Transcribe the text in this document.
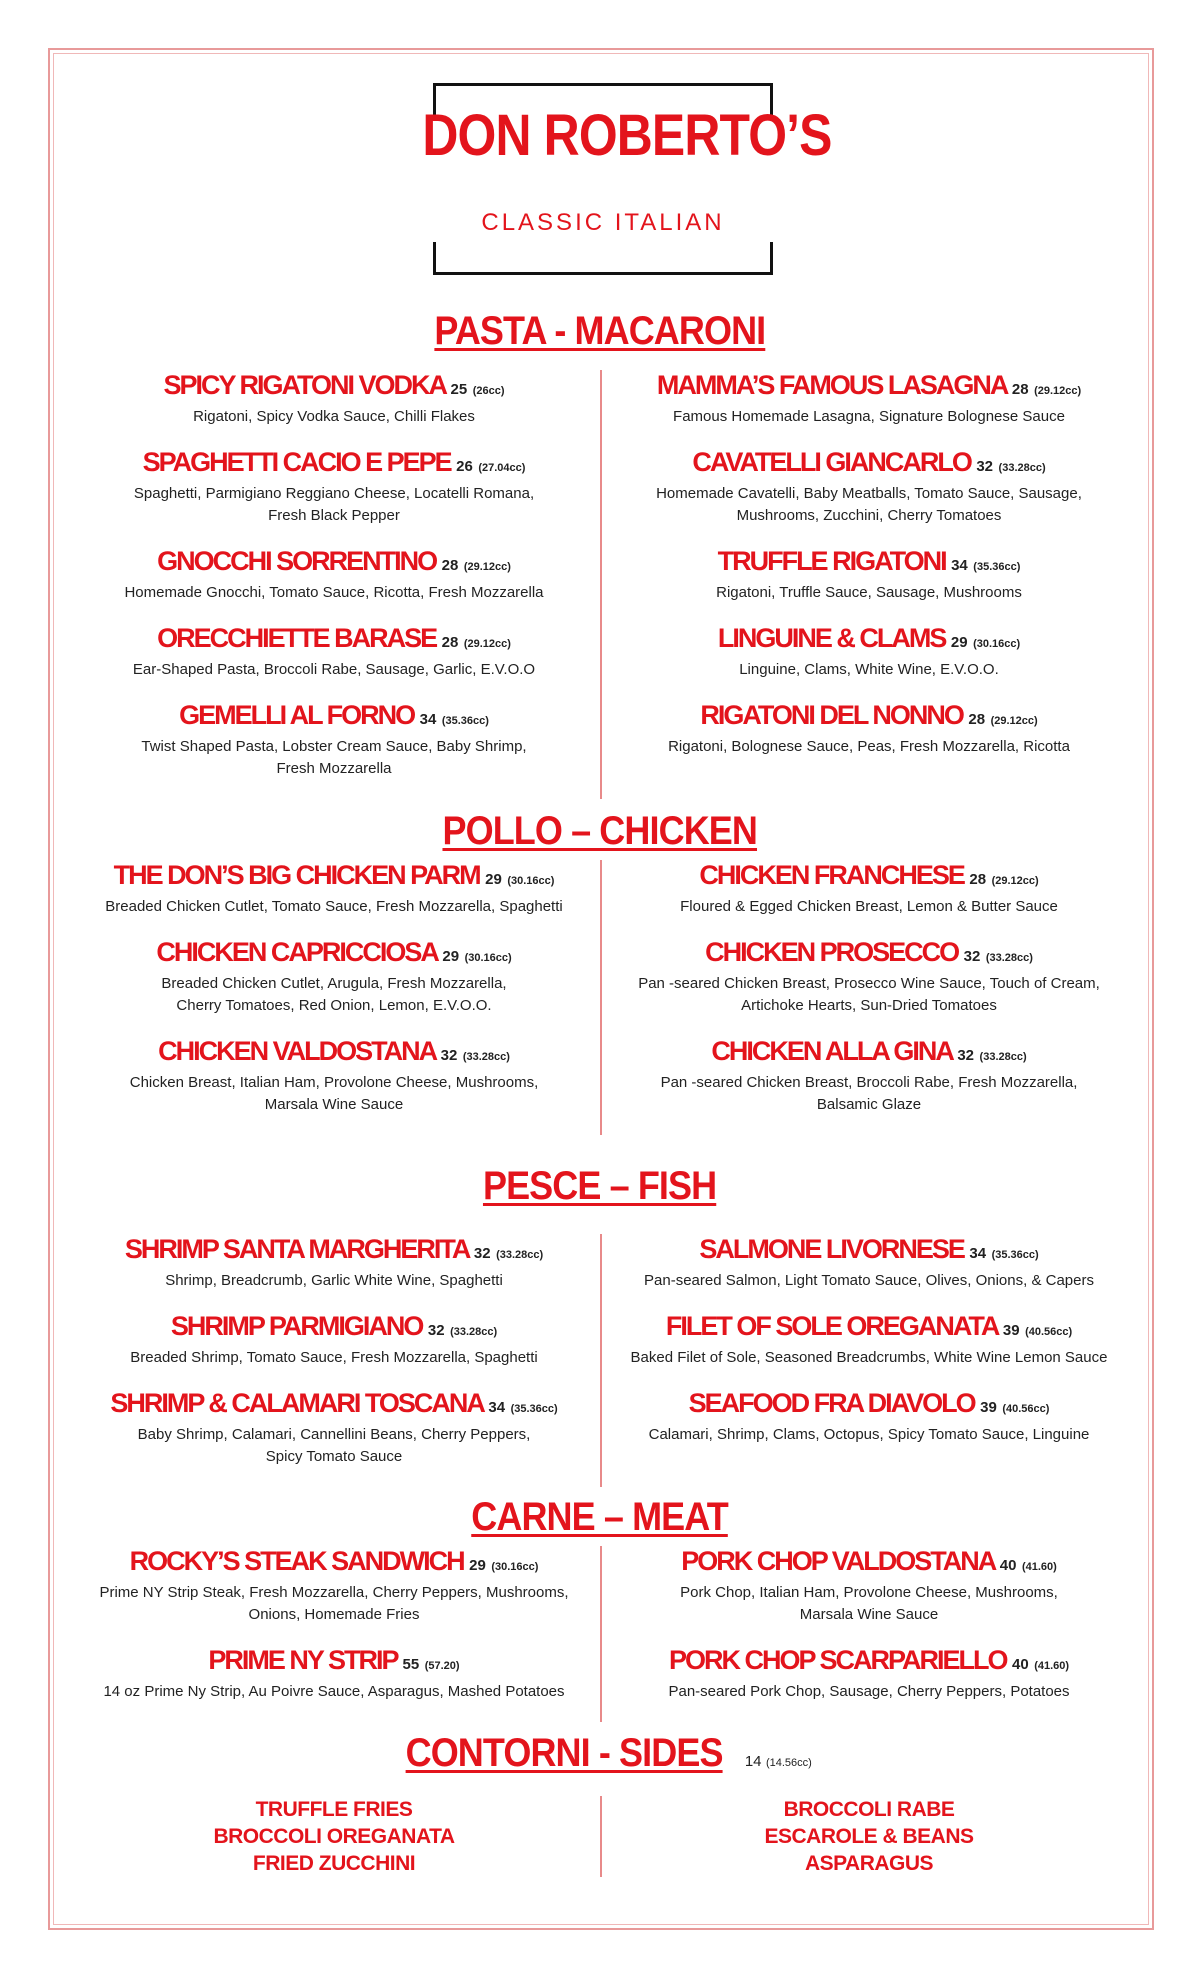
DON ROBERTO’S
CLASSIC ITALIAN
PASTA - MACARONI
SPICY RIGATONI VODKA 25 (26cc)
Rigatoni, Spicy Vodka Sauce, Chilli Flakes
SPAGHETTI CACIO E PEPE 26 (27.04cc)
Spaghetti, Parmigiano Reggiano Cheese, Locatelli Romana,
Fresh Black Pepper
GNOCCHI SORRENTINO 28 (29.12cc)
Homemade Gnocchi, Tomato Sauce, Ricotta, Fresh Mozzarella
ORECCHIETTE BARASE 28 (29.12cc)
Ear-Shaped Pasta, Broccoli Rabe, Sausage, Garlic, E.V.O.O
GEMELLI AL FORNO 34 (35.36cc)
Twist Shaped Pasta, Lobster Cream Sauce, Baby Shrimp,
Fresh Mozzarella
MAMMA’S FAMOUS LASAGNA 28 (29.12cc)
Famous Homemade Lasagna, Signature Bolognese Sauce
CAVATELLI GIANCARLO 32 (33.28cc)
Homemade Cavatelli, Baby Meatballs, Tomato Sauce, Sausage,
Mushrooms, Zucchini, Cherry Tomatoes
TRUFFLE RIGATONI 34 (35.36cc)
Rigatoni, Truffle Sauce, Sausage, Mushrooms
LINGUINE & CLAMS 29 (30.16cc)
Linguine, Clams, White Wine, E.V.O.O.
RIGATONI DEL NONNO 28 (29.12cc)
Rigatoni, Bolognese Sauce, Peas, Fresh Mozzarella, Ricotta
POLLO – CHICKEN
THE DON’S BIG CHICKEN PARM 29 (30.16cc)
Breaded Chicken Cutlet, Tomato Sauce, Fresh Mozzarella, Spaghetti
CHICKEN CAPRICCIOSA 29 (30.16cc)
Breaded Chicken Cutlet, Arugula, Fresh Mozzarella,
Cherry Tomatoes, Red Onion, Lemon, E.V.O.O.
CHICKEN VALDOSTANA 32 (33.28cc)
Chicken Breast, Italian Ham, Provolone Cheese, Mushrooms,
Marsala Wine Sauce
CHICKEN FRANCHESE 28 (29.12cc)
Floured & Egged Chicken Breast, Lemon & Butter Sauce
CHICKEN PROSECCO 32 (33.28cc)
Pan -seared Chicken Breast, Prosecco Wine Sauce, Touch of Cream,
Artichoke Hearts, Sun-Dried Tomatoes
CHICKEN ALLA GINA 32 (33.28cc)
Pan -seared Chicken Breast, Broccoli Rabe, Fresh Mozzarella,
Balsamic Glaze
PESCE – FISH
SHRIMP SANTA MARGHERITA 32 (33.28cc)
Shrimp, Breadcrumb, Garlic White Wine, Spaghetti
SHRIMP PARMIGIANO 32 (33.28cc)
Breaded Shrimp, Tomato Sauce, Fresh Mozzarella, Spaghetti
SHRIMP & CALAMARI TOSCANA 34 (35.36cc)
Baby Shrimp, Calamari, Cannellini Beans, Cherry Peppers,
Spicy Tomato Sauce
SALMONE LIVORNESE 34 (35.36cc)
Pan-seared Salmon, Light Tomato Sauce, Olives, Onions, & Capers
FILET OF SOLE OREGANATA 39 (40.56cc)
Baked Filet of Sole, Seasoned Breadcrumbs, White Wine Lemon Sauce
SEAFOOD FRA DIAVOLO 39 (40.56cc)
Calamari, Shrimp, Clams, Octopus, Spicy Tomato Sauce, Linguine
CARNE – MEAT
ROCKY’S STEAK SANDWICH 29 (30.16cc)
Prime NY Strip Steak, Fresh Mozzarella, Cherry Peppers, Mushrooms,
Onions, Homemade Fries
PRIME NY STRIP 55 (57.20)
14 oz Prime Ny Strip, Au Poivre Sauce, Asparagus, Mashed Potatoes
PORK CHOP VALDOSTANA 40 (41.60)
Pork Chop, Italian Ham, Provolone Cheese, Mushrooms,
Marsala Wine Sauce
PORK CHOP SCARPARIELLO 40 (41.60)
Pan-seared Pork Chop, Sausage, Cherry Peppers, Potatoes
CONTORNI - SIDES 14 (14.56cc)
TRUFFLE FRIES
BROCCOLI OREGANATA
FRIED ZUCCHINI
BROCCOLI RABE
ESCAROLE & BEANS
ASPARAGUS
